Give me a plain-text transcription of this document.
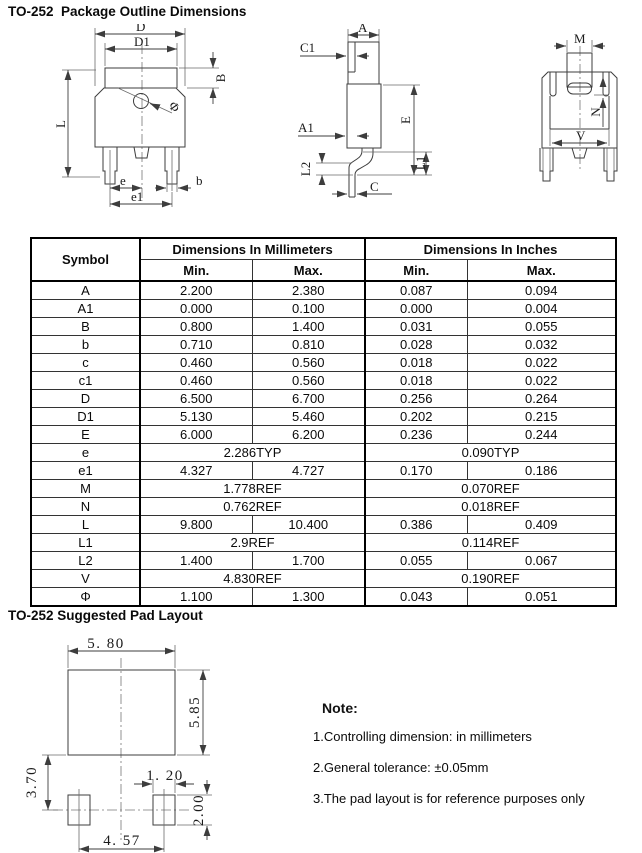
TO-252  Package Outline Dimensions
D
D1
B
L
Φ
e	b
e1
A
C1
A1
L2
E
L1
C
M
N
V
Symbol	Dimensions In Millimeters		Dimensions In Inches	
	Min.	Max.	Min.	Max.
A	2.200	2.380	0.087	0.094
A1	0.000	0.100	0.000	0.004
B	0.800	1.400	0.031	0.055
b	0.710	0.810	0.028	0.032
c	0.460	0.560	0.018	0.022
c1	0.460	0.560	0.018	0.022
D	6.500	6.700	0.256	0.264
D1	5.130	5.460	0.202	0.215
E	6.000	6.200	0.236	0.244
e	2.286TYP		0.090TYP	
e1	4.327	4.727	0.170	0.186
M	1.778REF		0.070REF	
N	0.762REF		0.018REF	
L	9.800	10.400	0.386	0.409
L1	2.9REF		0.114REF	
L2	1.400	1.700	0.055	0.067
V	4.830REF		0.190REF	
Φ	1.100	1.300	0.043	0.051
TO-252 Suggested Pad Layout
5. 80
5.85
3.70	1. 20
2.00
4. 57
Note:

1.Controlling dimension: in millimeters

2.General tolerance: ±0.05mm

3.The pad layout is for reference purposes only
